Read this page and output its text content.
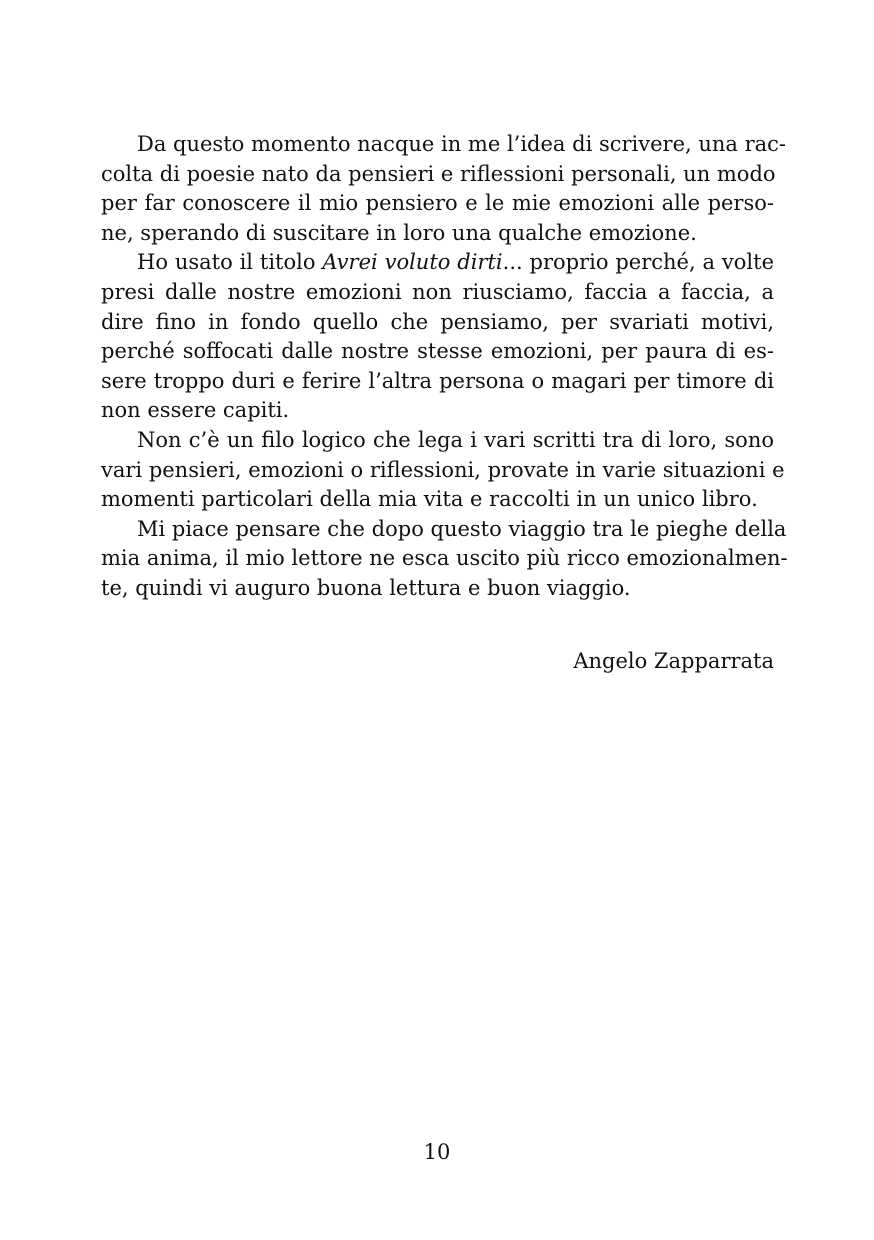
Da questo momento nacque in me l’idea di scrivere, una rac-
colta di poesie nato da pensieri e riflessioni personali, un modo
per far conoscere il mio pensiero e le mie emozioni alle perso-
ne, sperando di suscitare in loro una qualche emozione.
Ho usato il titolo Avrei voluto dirti... proprio perché, a volte
presi dalle nostre emozioni non riusciamo, faccia a faccia, a
dire fino in fondo quello che pensiamo, per svariati motivi,
perché soffocati dalle nostre stesse emozioni, per paura di es-
sere troppo duri e ferire l’altra persona o magari per timore di
non essere capiti.
Non c’è un filo logico che lega i vari scritti tra di loro, sono
vari pensieri, emozioni o riflessioni, provate in varie situazioni e
momenti particolari della mia vita e raccolti in un unico libro.
Mi piace pensare che dopo questo viaggio tra le pieghe della
mia anima, il mio lettore ne esca uscito più ricco emozionalmen-
te, quindi vi auguro buona lettura e buon viaggio.
Angelo Zapparrata
10
